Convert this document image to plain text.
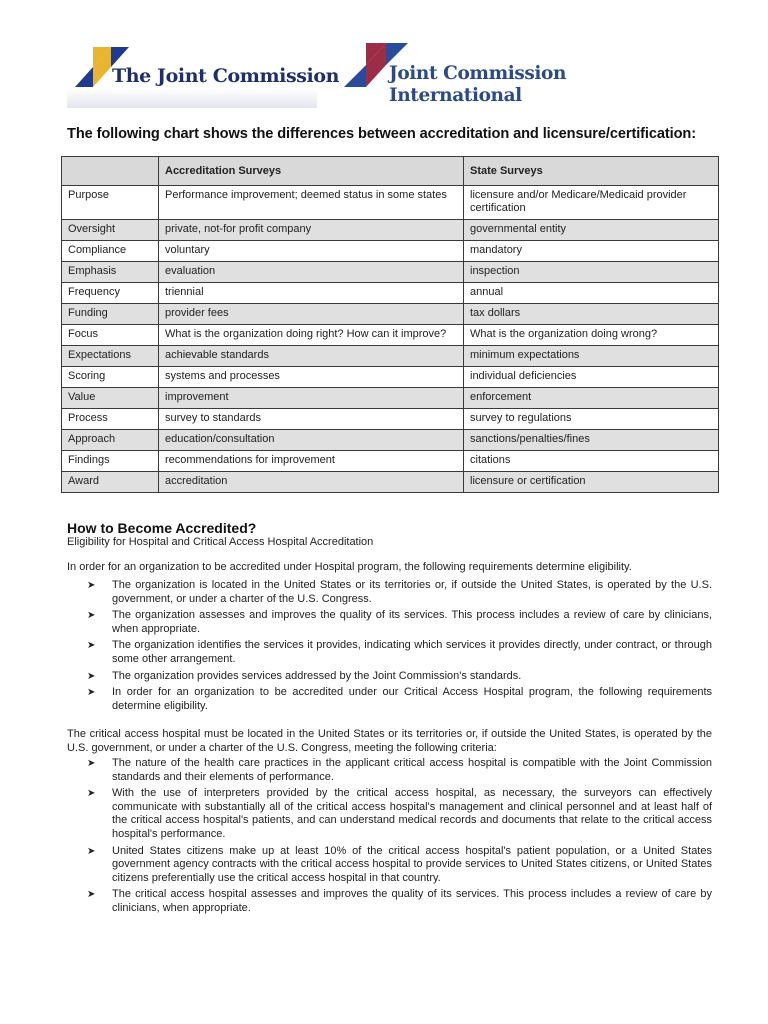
The Joint Commission	Joint Commission
International
The following chart shows the differences between accreditation and licensure/certification:
	Accreditation Surveys	State Surveys
Purpose	Performance improvement; deemed status in some states	licensure and/or Medicare/Medicaid provider certification
Oversight	private, not-for profit company	governmental entity
Compliance	voluntary	mandatory
Emphasis	evaluation	inspection
Frequency	triennial	annual
Funding	provider fees	tax dollars
Focus	What is the organization doing right? How can it improve?	What is the organization doing wrong?
Expectations	achievable standards	minimum expectations
Scoring	systems and processes	individual deficiencies
Value	improvement	enforcement
Process	survey to standards	survey to regulations
Approach	education/consultation	sanctions/penalties/fines
Findings	recommendations for improvement	citations
Award	accreditation	licensure or certification
How to Become Accredited?
Eligibility for Hospital and Critical Access Hospital Accreditation
In order for an organization to be accredited under Hospital program, the following requirements determine eligibility.
➤ The organization is located in the United States or its territories or, if outside the United States, is operated by the U.S. government, or under a charter of the U.S. Congress.
➤ The organization assesses and improves the quality of its services. This process includes a review of care by clinicians, when appropriate.
➤ The organization identifies the services it provides, indicating which services it provides directly, under contract, or through some other arrangement.
➤ The organization provides services addressed by the Joint Commission's standards.
➤ In order for an organization to be accredited under our Critical Access Hospital program, the following requirements determine eligibility.
The critical access hospital must be located in the United States or its territories or, if outside the United States, is operated by the U.S. government, or under a charter of the U.S. Congress, meeting the following criteria:
➤ The nature of the health care practices in the applicant critical access hospital is compatible with the Joint Commission standards and their elements of performance.
➤ With the use of interpreters provided by the critical access hospital, as necessary, the surveyors can effectively communicate with substantially all of the critical access hospital's management and clinical personnel and at least half of the critical access hospital's patients, and can understand medical records and documents that relate to the critical access hospital's performance.
➤ United States citizens make up at least 10% of the critical access hospital's patient population, or a United States government agency contracts with the critical access hospital to provide services to United States citizens, or United States citizens preferentially use the critical access hospital in that country.
➤ The critical access hospital assesses and improves the quality of its services. This process includes a review of care by clinicians, when appropriate.
